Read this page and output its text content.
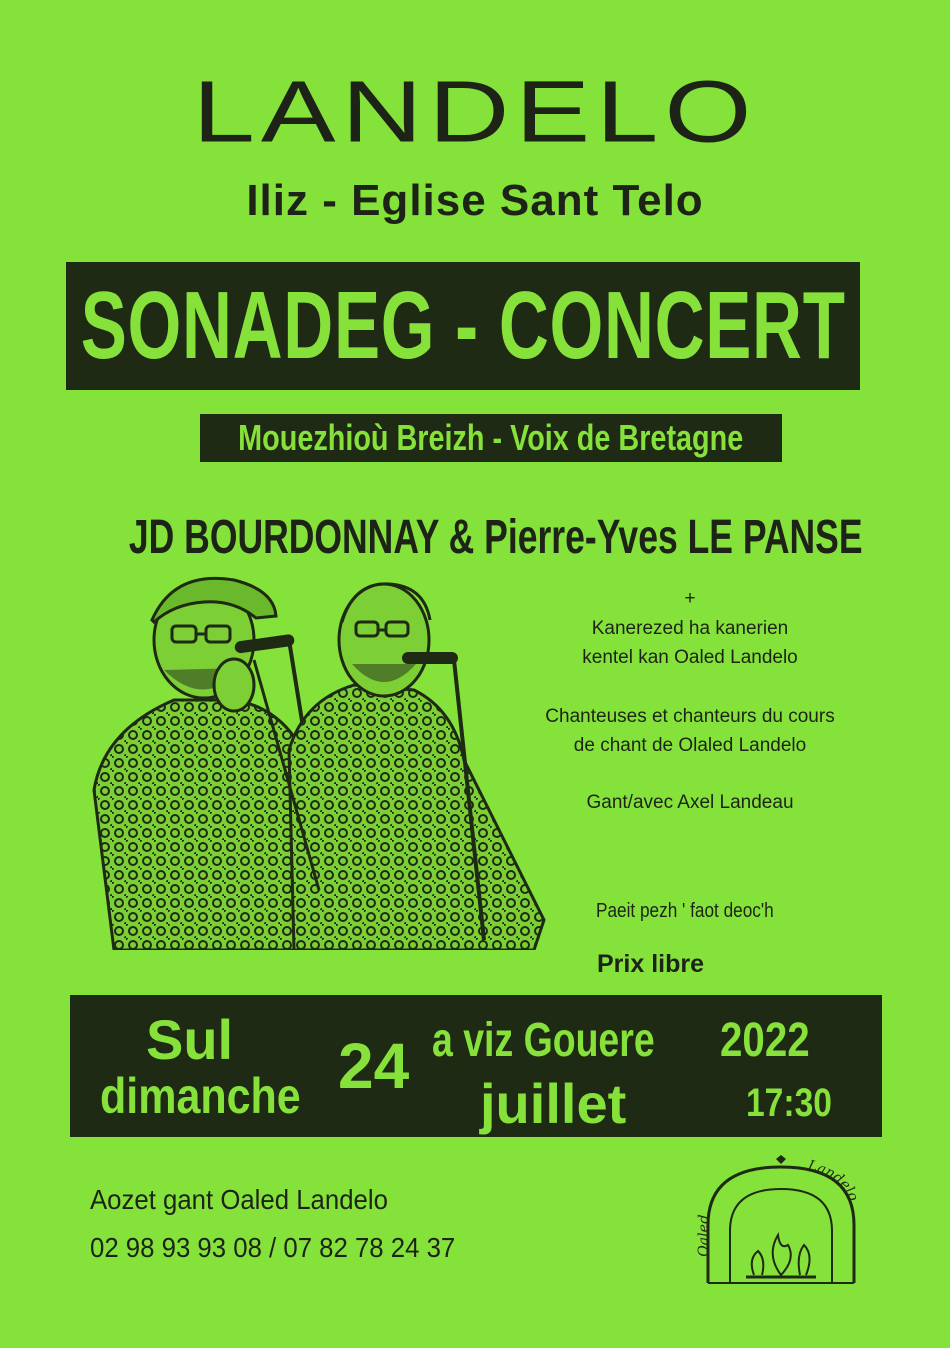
LANDELO
Iliz - Eglise Sant Telo
SONADEG - CONCERT
Mouezhioù Breizh - Voix de Bretagne
JD BOURDONNAY & Pierre-Yves LE PANSE
+
Kanerezed ha kanerien
kentel kan Oaled Landelo
Chanteuses et chanteurs du cours
de chant de Olaled Landelo
Gant/avec Axel Landeau
Paeit pezh ' faot deoc'h
Prix libre
Sul
dimanche 24 a viz Gouere
juillet
2022
17:30
Aozet gant Oaled Landelo
02 98 93 93 08 / 07 82 78 24 37	Oaled
Landelo
